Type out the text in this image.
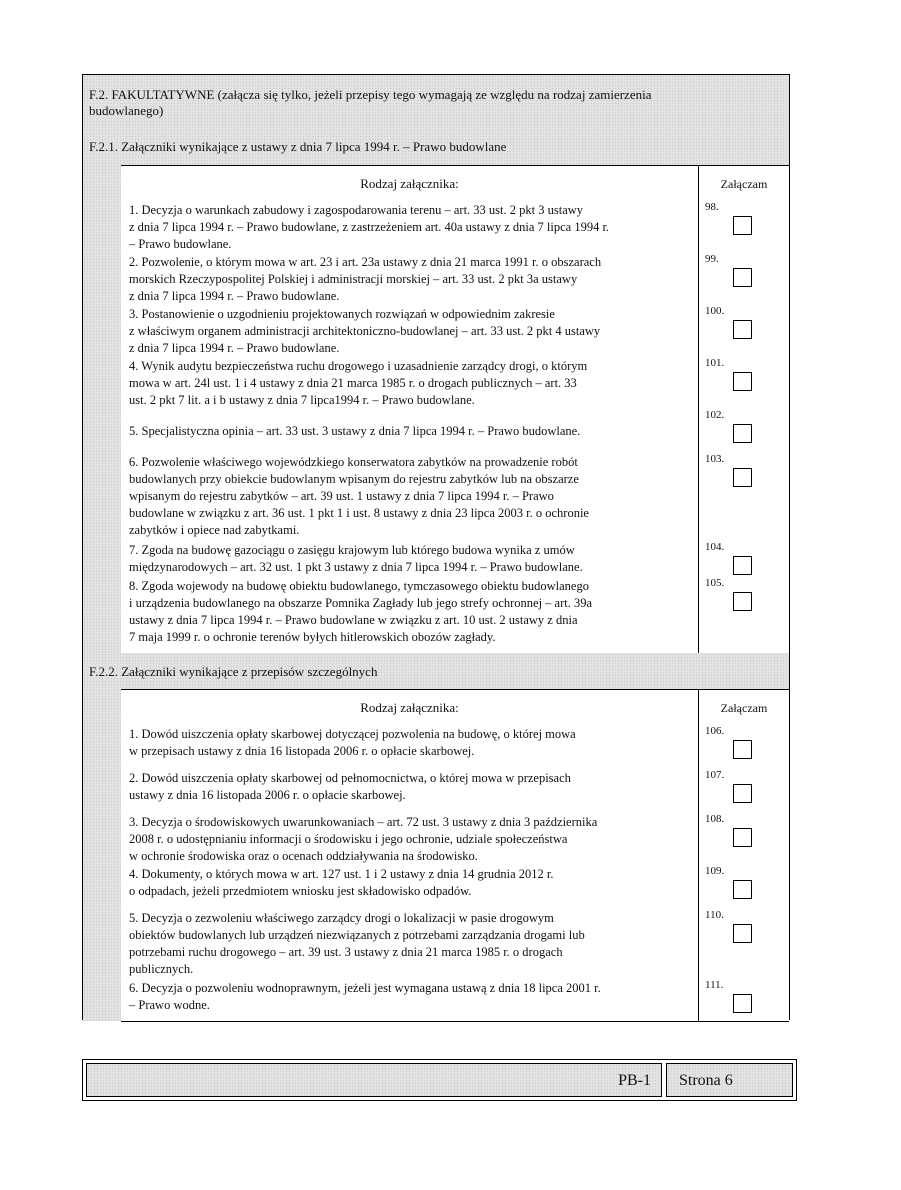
F.2. FAKULTATYWNE (załącza się tylko, jeżeli przepisy tego wymagają ze względu na rodzaj zamierzenia
budowlanego)
F.2.1. Załączniki wynikające z ustawy z dnia 7 lipca 1994 r. – Prawo budowlane
Rodzaj załącznika:	Załączam
1. Decyzja o warunkach zabudowy i zagospodarowania terenu – art. 33 ust. 2 pkt 3 ustawy
z dnia 7 lipca 1994 r. – Prawo budowlane, z zastrzeżeniem art. 40a ustawy z dnia 7 lipca 1994 r.
– Prawo budowlane.
98.
2. Pozwolenie, o którym mowa w art. 23 i art. 23a ustawy z dnia 21 marca 1991 r. o obszarach
morskich Rzeczypospolitej Polskiej i administracji morskiej – art. 33 ust. 2 pkt 3a ustawy
z dnia 7 lipca 1994 r. – Prawo budowlane.
99.
3. Postanowienie o uzgodnieniu projektowanych rozwiązań w odpowiednim zakresie
z właściwym organem administracji architektoniczno-budowlanej – art. 33 ust. 2 pkt 4 ustawy
z dnia 7 lipca 1994 r. – Prawo budowlane.
100.
4. Wynik audytu bezpieczeństwa ruchu drogowego i uzasadnienie zarządcy drogi, o którym
mowa w art. 24l ust. 1 i 4 ustawy z dnia 21 marca 1985 r. o drogach publicznych – art. 33
ust. 2 pkt 7 lit. a i b ustawy z dnia 7 lipca1994 r. – Prawo budowlane.
101.
5. Specjalistyczna opinia – art. 33 ust. 3 ustawy z dnia 7 lipca 1994 r. – Prawo budowlane.
102.
6. Pozwolenie właściwego wojewódzkiego konserwatora zabytków na prowadzenie robót
budowlanych przy obiekcie budowlanym wpisanym do rejestru zabytków lub na obszarze
wpisanym do rejestru zabytków – art. 39 ust. 1 ustawy z dnia 7 lipca 1994 r. – Prawo
budowlane w związku z art. 36 ust. 1 pkt 1 i ust. 8 ustawy z dnia 23 lipca 2003 r. o ochronie
zabytków i opiece nad zabytkami.
103.
7. Zgoda na budowę gazociągu o zasięgu krajowym lub którego budowa wynika z umów
międzynarodowych – art. 32 ust. 1 pkt 3 ustawy z dnia 7 lipca 1994 r. – Prawo budowlane.
104.
8. Zgoda wojewody na budowę obiektu budowlanego, tymczasowego obiektu budowlanego
i urządzenia budowlanego na obszarze Pomnika Zagłady lub jego strefy ochronnej – art. 39a
ustawy z dnia 7 lipca 1994 r. – Prawo budowlane w związku z art. 10 ust. 2 ustawy z dnia
7 maja 1999 r. o ochronie terenów byłych hitlerowskich obozów zagłady.
105.
F.2.2. Załączniki wynikające z przepisów szczególnych
Rodzaj załącznika:	Załączam
1. Dowód uiszczenia opłaty skarbowej dotyczącej pozwolenia na budowę, o której mowa
w przepisach ustawy z dnia 16 listopada 2006 r. o opłacie skarbowej.
106.
2. Dowód uiszczenia opłaty skarbowej od pełnomocnictwa, o której mowa w przepisach
ustawy z dnia 16 listopada 2006 r. o opłacie skarbowej.
107.
3. Decyzja o środowiskowych uwarunkowaniach – art. 72 ust. 3 ustawy z dnia 3 października
2008 r. o udostępnianiu informacji o środowisku i jego ochronie, udziale społeczeństwa
w ochronie środowiska oraz o ocenach oddziaływania na środowisko.
108.
4. Dokumenty, o których mowa w art. 127 ust. 1 i 2 ustawy z dnia 14 grudnia 2012 r.
o odpadach, jeżeli przedmiotem wniosku jest składowisko odpadów.
109.
5. Decyzja o zezwoleniu właściwego zarządcy drogi o lokalizacji w pasie drogowym
obiektów budowlanych lub urządzeń niezwiązanych z potrzebami zarządzania drogami lub
potrzebami ruchu drogowego – art. 39 ust. 3 ustawy z dnia 21 marca 1985 r. o drogach
publicznych.
110.
6. Decyzja o pozwoleniu wodnoprawnym, jeżeli jest wymagana ustawą z dnia 18 lipca 2001 r.
– Prawo wodne.
111.
PB-1 Strona 6
